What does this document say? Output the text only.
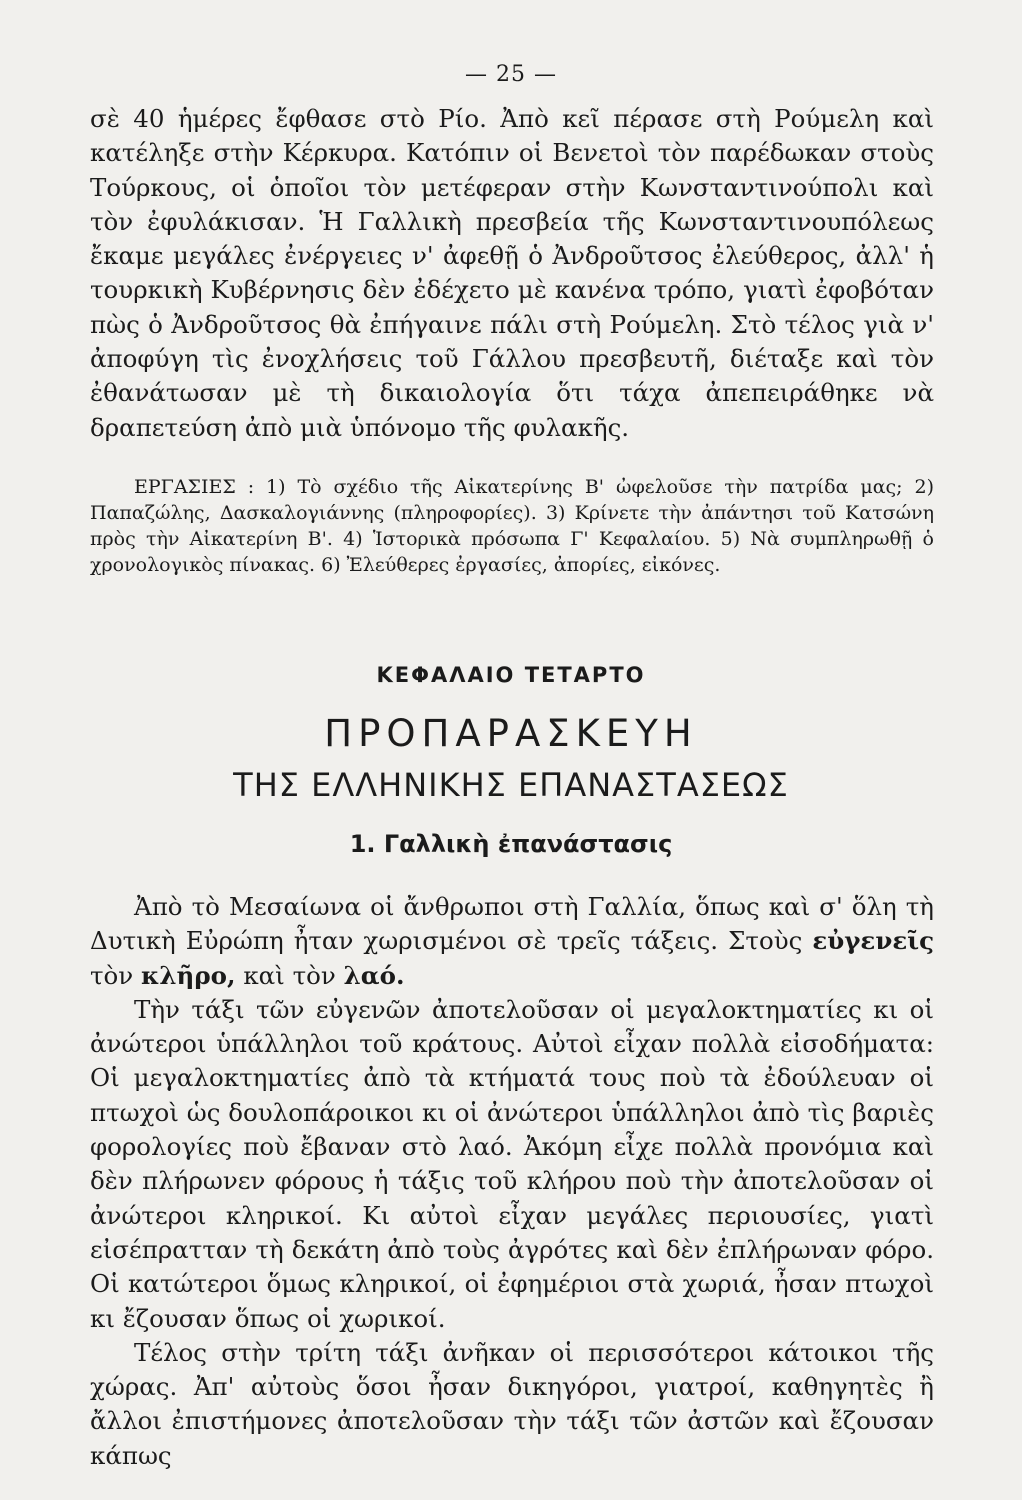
— 25 —

σὲ 40 ἡμέρες ἔφθασε στὸ Ρίο. Ἀπὸ κεῖ πέρασε στὴ Ρούμελη καὶ κατέληξε στὴν Κέρκυρα. Κατόπιν οἱ Βενετοὶ τὸν παρέδωκαν στοὺς Τούρκους, οἱ ὁποῖοι τὸν μετέφεραν στὴν Κωνσταντινούπολι καὶ τὸν ἐφυλάκισαν. Ἡ Γαλλικὴ πρεσβεία τῆς Κωνσταντινουπόλεως ἔκαμε μεγάλες ἐνέργειες ν' ἀφεθῇ ὁ Ἀνδροῦτσος ἐλεύθερος, ἀλλ' ἡ τουρκικὴ Κυβέρνησις δὲν ἐδέχετο μὲ κανένα τρόπο, γιατὶ ἐφοβόταν πὼς ὁ Ἀνδροῦτσος θὰ ἐπήγαινε πάλι στὴ Ρούμελη. Στὸ τέλος γιὰ ν' ἀποφύγη τὶς ἐνοχλήσεις τοῦ Γάλλου πρεσβευτῆ, διέταξε καὶ τὸν ἐθανάτωσαν μὲ τὴ δικαιολογία ὅτι τάχα ἀπεπειράθηκε νὰ δραπετεύση ἀπὸ μιὰ ὑπόνομο τῆς φυλακῆς.

ΕΡΓΑΣΙΕΣ : 1) Τὸ σχέδιο τῆς Αἰκατερίνης Β' ὠφελοῦσε τὴν πατρίδα μας; 2) Παπαζώλης, Δασκαλογιάννης (πληροφορίες). 3) Κρίνετε τὴν ἀπάντησι τοῦ Κατσώνη πρὸς τὴν Αἰκατερίνη Β'. 4) Ἱστορικὰ πρόσωπα Γ' Κεφαλαίου. 5) Νὰ συμπληρωθῇ ὁ χρονολογικὸς πίνακας. 6) Ἐλεύθερες ἐργασίες, ἀπορίες, εἰκόνες.
ΚΕΦΑΛΑΙΟ ΤΕΤΑΡΤΟ
ΠΡΟΠΑΡΑΣΚΕΥΗ
ΤΗΣ ΕΛΛΗΝΙΚΗΣ ΕΠΑΝΑΣΤΑΣΕΩΣ
1. Γαλλικὴ ἐπανάστασις

Ἀπὸ τὸ Μεσαίωνα οἱ ἄνθρωποι στὴ Γαλλία, ὅπως καὶ σ' ὅλη τὴ Δυτικὴ Εὐρώπη ἦταν χωρισμένοι σὲ τρεῖς τάξεις. Στοὺς εὐγενεῖς τὸν κλῆρο, καὶ τὸν λαό.

Τὴν τάξι τῶν εὐγενῶν ἀποτελοῦσαν οἱ μεγαλοκτηματίες κι οἱ ἀνώτεροι ὑπάλληλοι τοῦ κράτους. Αὐτοὶ εἶχαν πολλὰ εἰσοδήματα: Οἱ μεγαλοκτηματίες ἀπὸ τὰ κτήματά τους ποὺ τὰ ἐδούλευαν οἱ πτωχοὶ ὡς δουλοπάροικοι κι οἱ ἀνώτεροι ὑπάλληλοι ἀπὸ τὶς βαριὲς φορολογίες ποὺ ἔβαναν στὸ λαό. Ἀκόμη εἶχε πολλὰ προνόμια καὶ δὲν πλήρωνεν φόρους ἡ τάξις τοῦ κλήρου ποὺ τὴν ἀποτελοῦσαν οἱ ἀνώτεροι κληρικοί. Κι αὐτοὶ εἶχαν μεγάλες περιουσίες, γιατὶ εἰσέπρατταν τὴ δεκάτη ἀπὸ τοὺς ἀγρότες καὶ δὲν ἐπλήρωναν φόρο. Οἱ κατώτεροι ὅμως κληρικοί, οἱ ἐφημέριοι στὰ χωριά, ἦσαν πτωχοὶ κι ἔζουσαν ὅπως οἱ χωρικοί.

Τέλος στὴν τρίτη τάξι ἀνῆκαν οἱ περισσότεροι κάτοικοι τῆς χώρας. Ἀπ' αὐτοὺς ὅσοι ἦσαν δικηγόροι, γιατροί, καθηγητὲς ἢ ἄλλοι ἐπιστήμονες ἀποτελοῦσαν τὴν τάξι τῶν ἀστῶν καὶ ἔζουσαν κάπως
